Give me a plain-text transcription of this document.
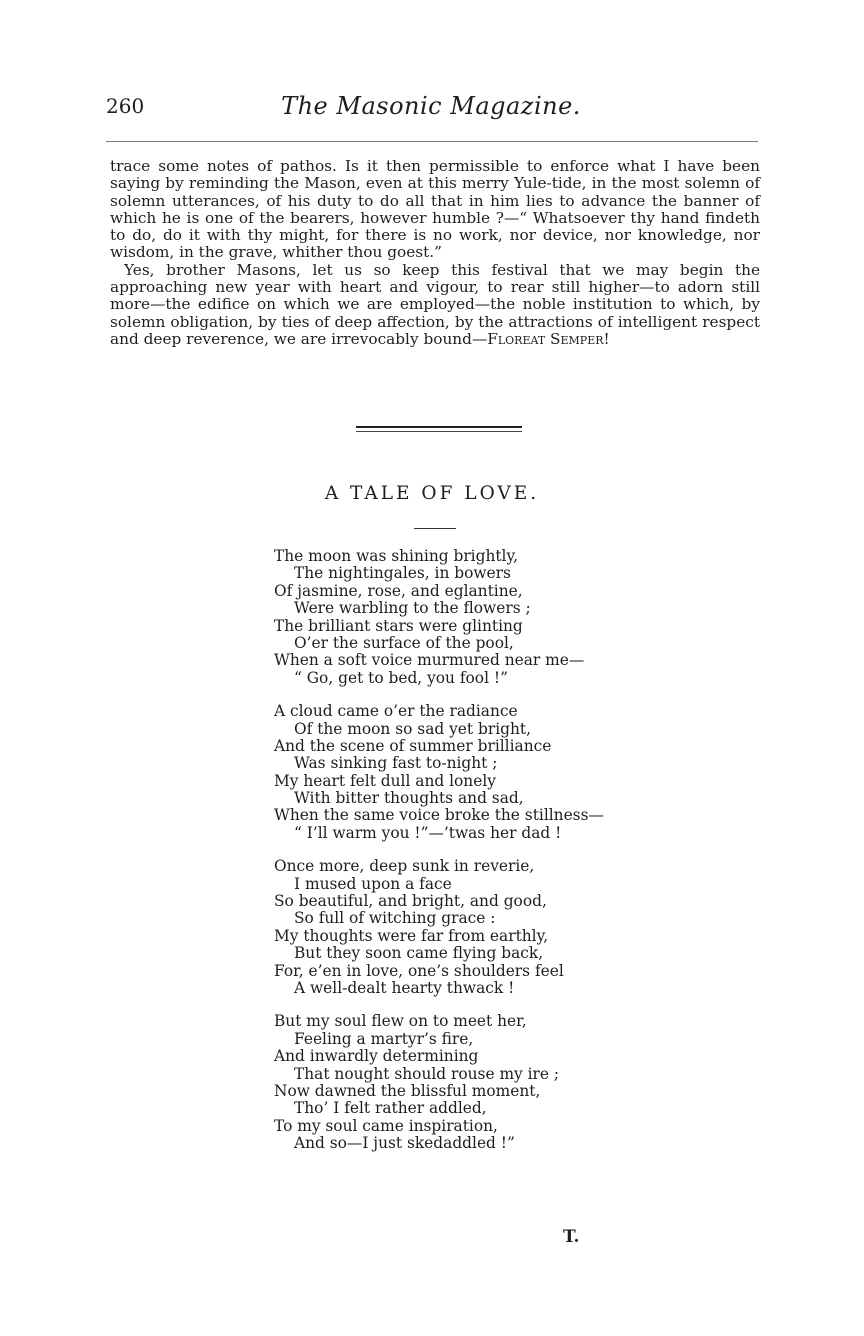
260	The Masonic Magazine.

trace some notes of pathos. Is it then permissible to enforce what I have been saying by reminding the Mason, even at this merry Yule-tide, in the most solemn of solemn utterances, of his duty to do all that in him lies to advance the banner of which he is one of the bearers, however humble ?—“ Whatsoever thy hand findeth to do, do it with thy might, for there is no work, nor device, nor knowledge, nor wisdom, in the grave, whither thou goest.”

Yes, brother Masons, let us so keep this festival that we may begin the approaching new year with heart and vigour, to rear still higher—to adorn still more—the edifice on which we are employed—the noble institution to which, by solemn obligation, by ties of deep affection, by the attractions of intelligent respect and deep reverence, we are irrevocably bound—Floreat Semper!

A TALE OF LOVE.
The moon was shining brightly,
The nightingales, in bowers
Of jasmine, rose, and eglantine,
Were warbling to the flowers ;
The brilliant stars were glinting
O’er the surface of the pool,
When a soft voice murmured near me—
“ Go, get to bed, you fool !”
A cloud came o’er the radiance
Of the moon so sad yet bright,
And the scene of summer brilliance
Was sinking fast to-night ;
My heart felt dull and lonely
With bitter thoughts and sad,
When the same voice broke the stillness—
“ I’ll warm you !”—’twas her dad !
Once more, deep sunk in reverie,
I mused upon a face
So beautiful, and bright, and good,
So full of witching grace :
My thoughts were far from earthly,
But they soon came flying back,
For, e’en in love, one’s shoulders feel
A well-dealt hearty thwack !
But my soul flew on to meet her,
Feeling a martyr’s fire,
And inwardly determining
That nought should rouse my ire ;
Now dawned the blissful moment,
Tho’ I felt rather addled,
To my soul came inspiration,
And so—I just skedaddled !”
T.
